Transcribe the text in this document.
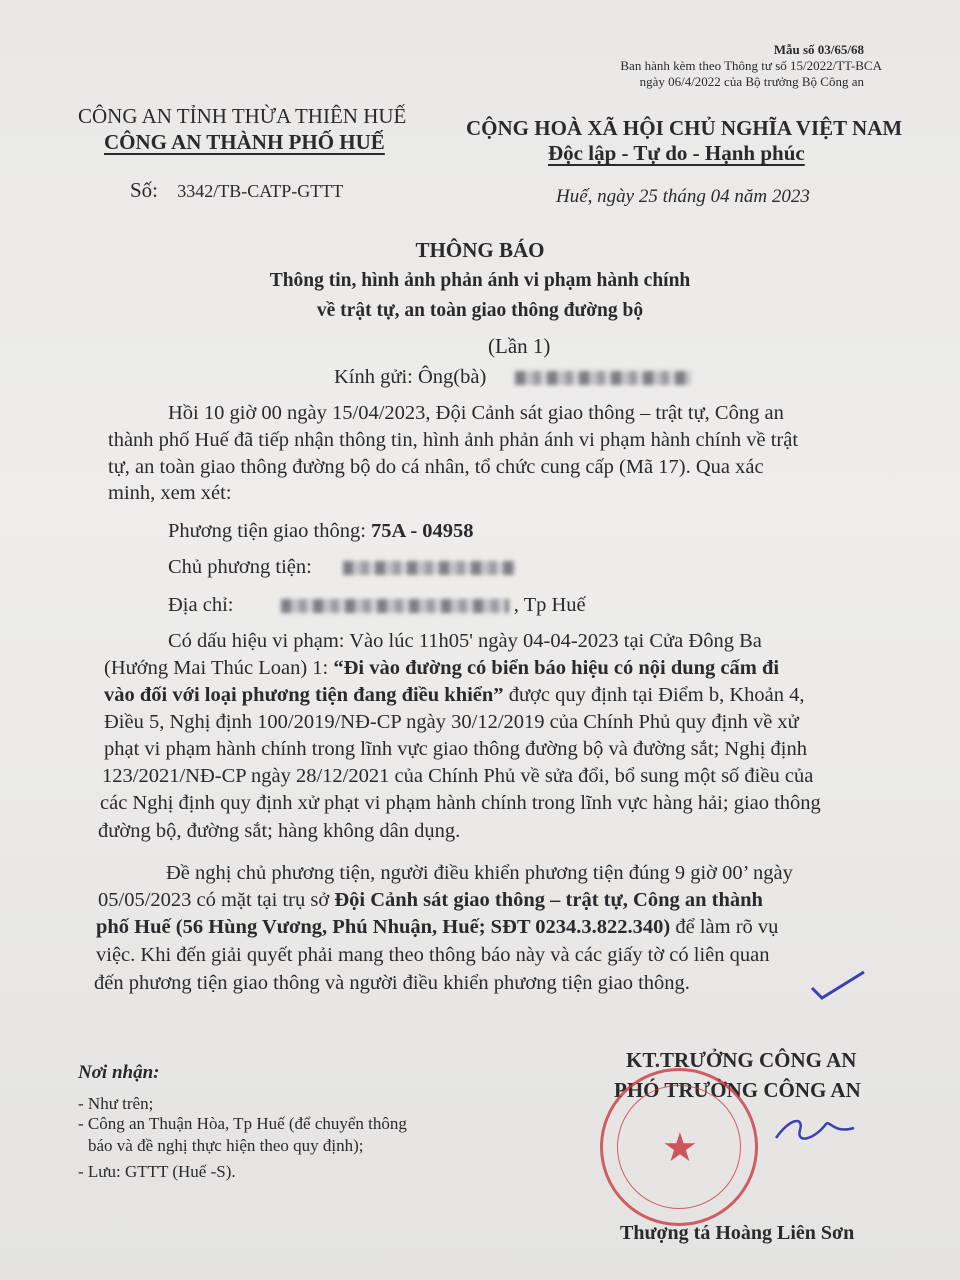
Mẫu số 03/65/68
Ban hành kèm theo Thông tư số 15/2022/TT-BCA
ngày 06/4/2022 của Bộ trưởng Bộ Công an
CÔNG AN TỈNH THỪA THIÊN HUẾ
CÔNG AN THÀNH PHỐ HUẾ
Số: 3342/TB-CATP-GTTT
CỘNG HOÀ XÃ HỘI CHỦ NGHĨA VIỆT NAM
Độc lập - Tự do - Hạnh phúc
Huế, ngày 25 tháng 04 năm 2023
THÔNG BÁO
Thông tin, hình ảnh phản ánh vi phạm hành chính
về trật tự, an toàn giao thông đường bộ
(Lần 1)
Kính gửi: Ông(bà)
Hồi 10 giờ 00 ngày 15/04/2023, Đội Cảnh sát giao thông – trật tự, Công an
thành phố Huế đã tiếp nhận thông tin, hình ảnh phản ánh vi phạm hành chính về trật
tự, an toàn giao thông đường bộ do cá nhân, tổ chức cung cấp (Mã 17). Qua xác
minh, xem xét:
Phương tiện giao thông: 75A - 04958
Chủ phương tiện:
Địa chỉ:	, Tp Huế
Có dấu hiệu vi phạm: Vào lúc 11h05' ngày 04-04-2023 tại Cửa Đông Ba
(Hướng Mai Thúc Loan) 1: “Đi vào đường có biển báo hiệu có nội dung cấm đi
vào đối với loại phương tiện đang điều khiển” được quy định tại Điểm b, Khoản 4,
Điều 5, Nghị định 100/2019/NĐ-CP ngày 30/12/2019 của Chính Phủ quy định về xử
phạt vi phạm hành chính trong lĩnh vực giao thông đường bộ và đường sắt; Nghị định
123/2021/NĐ-CP ngày 28/12/2021 của Chính Phủ về sửa đổi, bổ sung một số điều của
các Nghị định quy định xử phạt vi phạm hành chính trong lĩnh vực hàng hải; giao thông
đường bộ, đường sắt; hàng không dân dụng.
Đề nghị chủ phương tiện, người điều khiển phương tiện đúng 9 giờ 00’ ngày
05/05/2023 có mặt tại trụ sở Đội Cảnh sát giao thông – trật tự, Công an thành
phố Huế (56 Hùng Vương, Phú Nhuận, Huế; SĐT 0234.3.822.340) để làm rõ vụ
việc. Khi đến giải quyết phải mang theo thông báo này và các giấy tờ có liên quan
đến phương tiện giao thông và người điều khiển phương tiện giao thông.
Nơi nhận:
- Như trên;
- Công an Thuận Hòa, Tp Huế (để chuyển thông
báo và đề nghị thực hiện theo quy định);
- Lưu: GTTT (Huế -S).
KT.TRƯỞNG CÔNG AN
PHÓ TRƯỞNG CÔNG AN
★
Thượng tá Hoàng Liên Sơn
